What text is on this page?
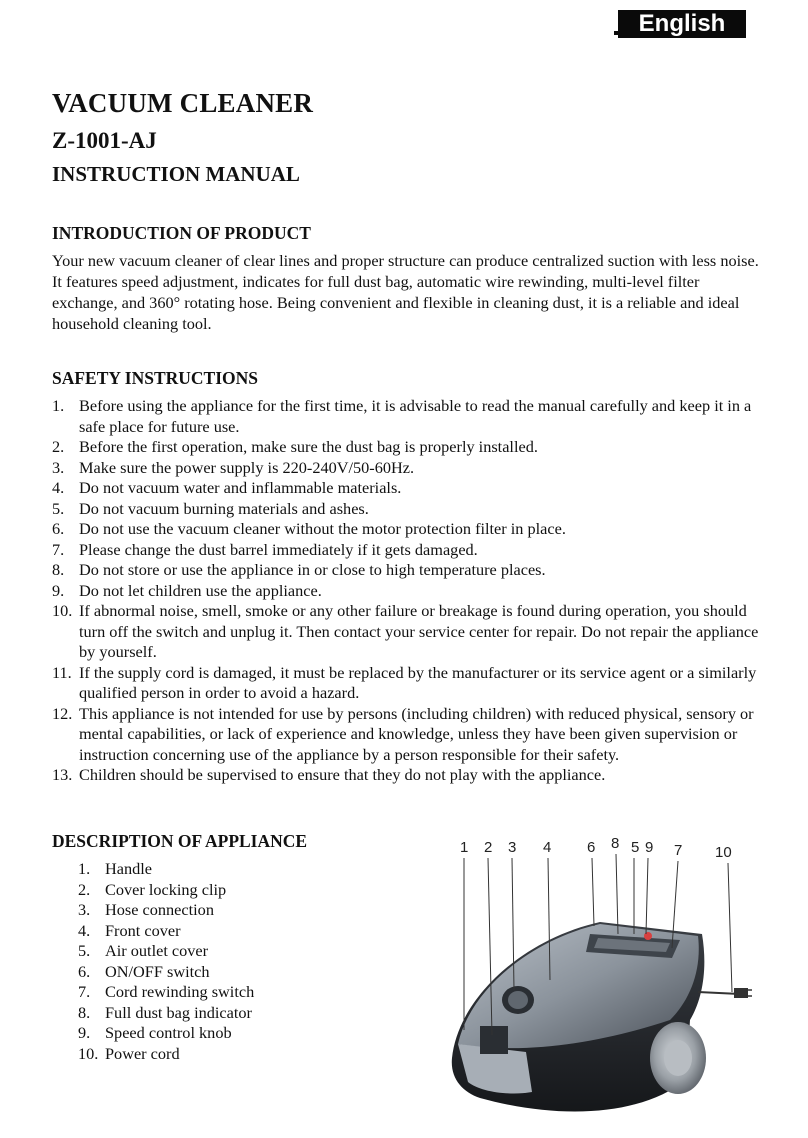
English
VACUUM CLEANER
Z-1001-AJ
INSTRUCTION MANUAL
INTRODUCTION OF PRODUCT

Your new vacuum cleaner of clear lines and proper structure can produce centralized suction with less noise. It features speed adjustment, indicates for full dust bag, automatic wire rewinding, multi-level filter exchange, and 360° rotating hose. Being convenient and flexible in cleaning dust, it is a reliable and ideal household cleaning tool.

SAFETY INSTRUCTIONS
1. Before using the appliance for the first time, it is advisable to read the manual carefully and keep it in a safe place for future use.
2. Before the first operation, make sure the dust bag is properly installed.
3. Make sure the power supply is 220-240V/50-60Hz.
4. Do not vacuum water and inflammable materials.
5. Do not vacuum burning materials and ashes.
6. Do not use the vacuum cleaner without the motor protection filter in place.
7. Please change the dust barrel immediately if it gets damaged.
8. Do not store or use the appliance in or close to high temperature places.
9. Do not let children use the appliance.
10. If abnormal noise, smell, smoke or any other failure or breakage is found during operation, you should turn off the switch and unplug it. Then contact your service center for repair. Do not repair the appliance by yourself.
11. If the supply cord is damaged, it must be replaced by the manufacturer or its service agent or a similarly qualified person in order to avoid a hazard.
12. This appliance is not intended for use by persons (including children) with reduced physical, sensory or mental capabilities, or lack of experience and knowledge, unless they have been given supervision or instruction concerning use of the appliance by a person responsible for their safety.
13. Children should be supervised to ensure that they do not play with the appliance.
DESCRIPTION OF APPLIANCE
1. Handle
2. Cover locking clip
3. Hose connection
4. Front cover
5. Air outlet cover
6. ON/OFF switch
7. Cord rewinding switch
8. Full dust bag indicator
9. Speed control knob
10. Power cord
1 2 3 4 6 8 5 9 7 10
